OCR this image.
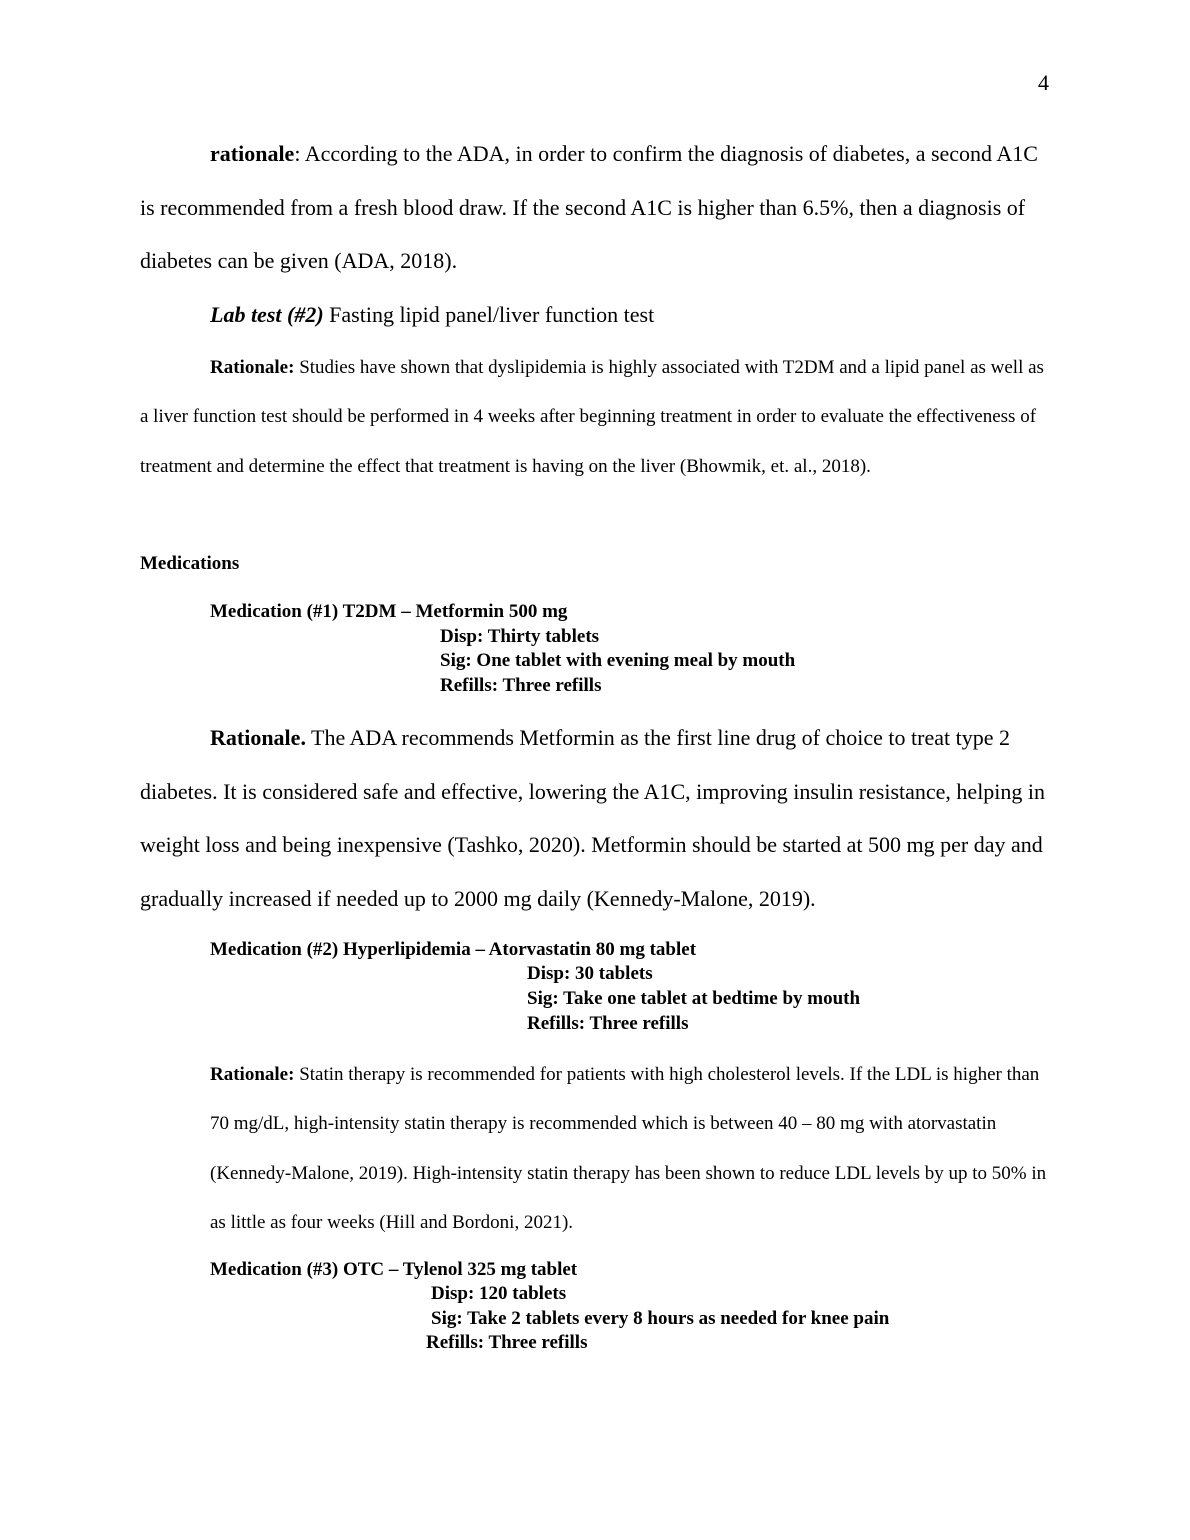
4

rationale: According to the ADA, in order to confirm the diagnosis of diabetes, a second A1C is recommended from a fresh blood draw. If the second A1C is higher than 6.5%, then a diagnosis of diabetes can be given (ADA, 2018).

Lab test (#2) Fasting lipid panel/liver function test

Rationale: Studies have shown that dyslipidemia is highly associated with T2DM and a lipid panel as well as a liver function test should be performed in 4 weeks after beginning treatment in order to evaluate the effectiveness of treatment and determine the effect that treatment is having on the liver (Bhowmik, et. al., 2018).

Medications

Medication (#1) T2DM – Metformin 500 mg

Disp: Thirty tablets

Sig: One tablet with evening meal by mouth

Refills: Three refills

Rationale. The ADA recommends Metformin as the first line drug of choice to treat type 2 diabetes. It is considered safe and effective, lowering the A1C, improving insulin resistance, helping in weight loss and being inexpensive (Tashko, 2020). Metformin should be started at 500 mg per day and gradually increased if needed up to 2000 mg daily (Kennedy-Malone, 2019).

Medication (#2) Hyperlipidemia – Atorvastatin 80 mg tablet

Disp: 30 tablets

Sig: Take one tablet at bedtime by mouth

Refills: Three refills

Rationale: Statin therapy is recommended for patients with high cholesterol levels. If the LDL is higher than 70 mg/dL, high-intensity statin therapy is recommended which is between 40 – 80 mg with atorvastatin (Kennedy-Malone, 2019). High-intensity statin therapy has been shown to reduce LDL levels by up to 50% in as little as four weeks (Hill and Bordoni, 2021).

Medication (#3) OTC – Tylenol 325 mg tablet

Disp: 120 tablets

Sig: Take 2 tablets every 8 hours as needed for knee pain

Refills: Three refills
